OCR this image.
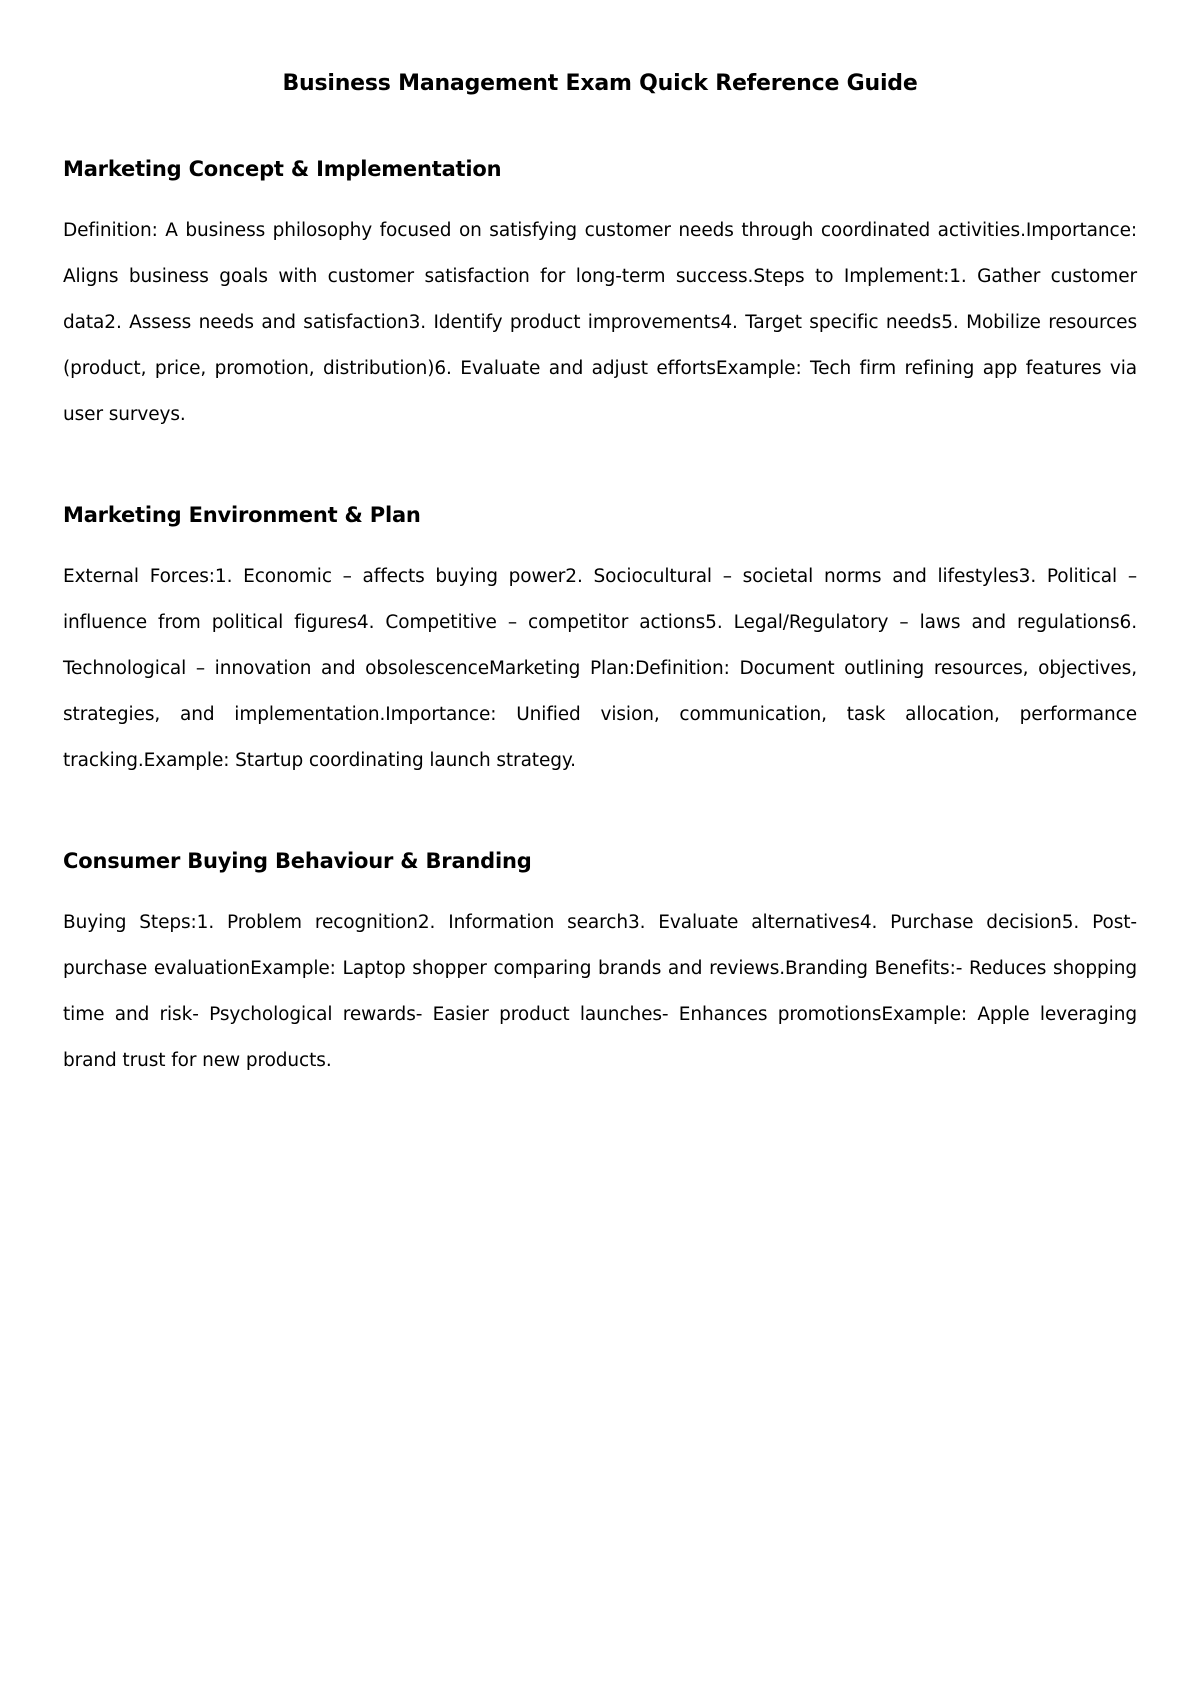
Business Management Exam Quick Reference Guide
Marketing Concept & Implementation

Definition: A business philosophy focused on satisfying customer needs through coordinated activities.Importance: Aligns business goals with customer satisfaction for long-term success.Steps to Implement:1. Gather customer data2. Assess needs and satisfaction3. Identify product improvements4. Target specific needs5. Mobilize resources (product, price, promotion, distribution)6. Evaluate and adjust effortsExample: Tech firm refining app features via user surveys.

Marketing Environment & Plan

External Forces:1. Economic – affects buying power2. Sociocultural – societal norms and lifestyles3. Political – influence from political figures4. Competitive – competitor actions5. Legal/Regulatory – laws and regulations6. Technological – innovation and obsolescenceMarketing Plan:Definition: Document outlining resources, objectives, strategies, and implementation.Importance: Unified vision, communication, task allocation, performance tracking.Example: Startup coordinating launch strategy.

Consumer Buying Behaviour & Branding

Buying Steps:1. Problem recognition2. Information search3. Evaluate alternatives4. Purchase decision5. Post-purchase evaluationExample: Laptop shopper comparing brands and reviews.Branding Benefits:- Reduces shopping time and risk- Psychological rewards- Easier product launches- Enhances promotionsExample: Apple leveraging brand trust for new products.
